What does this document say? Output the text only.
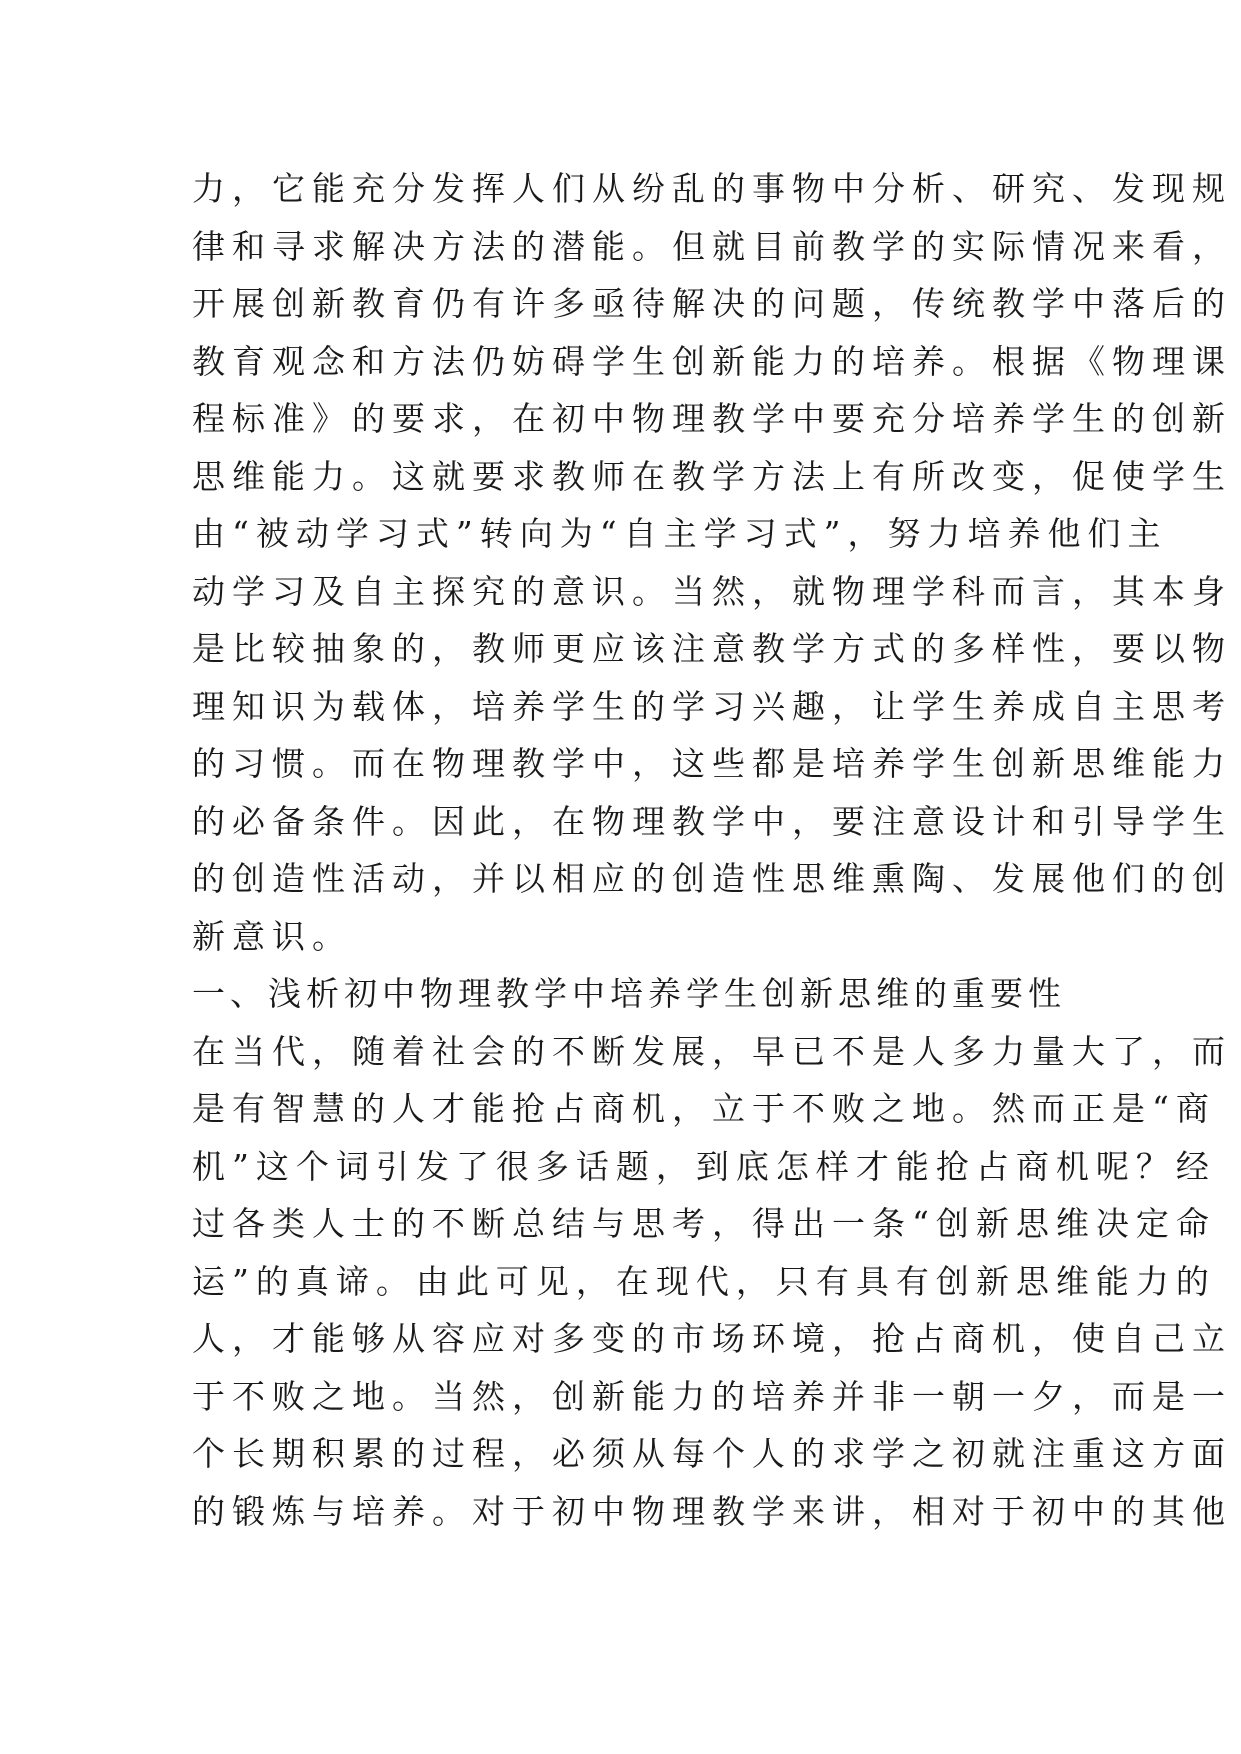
力，它能充分发挥人们从纷乱的事物中分析、研究、发现规
律和寻求解决方法的潜能。但就目前教学的实际情况来看，
开展创新教育仍有许多亟待解决的问题，传统教学中落后的
教育观念和方法仍妨碍学生创新能力的培养。根据《物理课
程标准》的要求，在初中物理教学中要充分培养学生的创新
思维能力。这就要求教师在教学方法上有所改变，促使学生
由“被动学习式”转向为“自主学习式”，努力培养他们主
动学习及自主探究的意识。当然，就物理学科而言，其本身
是比较抽象的，教师更应该注意教学方式的多样性，要以物
理知识为载体，培养学生的学习兴趣，让学生养成自主思考
的习惯。而在物理教学中，这些都是培养学生创新思维能力
的必备条件。因此，在物理教学中，要注意设计和引导学生
的创造性活动，并以相应的创造性思维熏陶、发展他们的创
新意识。
一、浅析初中物理教学中培养学生创新思维的重要性
在当代，随着社会的不断发展，早已不是人多力量大了，而
是有智慧的人才能抢占商机，立于不败之地。然而正是“商
机”这个词引发了很多话题，到底怎样才能抢占商机呢？经
过各类人士的不断总结与思考，得出一条“创新思维决定命
运”的真谛。由此可见，在现代，只有具有创新思维能力的
人，才能够从容应对多变的市场环境，抢占商机，使自己立
于不败之地。当然，创新能力的培养并非一朝一夕，而是一
个长期积累的过程，必须从每个人的求学之初就注重这方面
的锻炼与培养。对于初中物理教学来讲，相对于初中的其他
